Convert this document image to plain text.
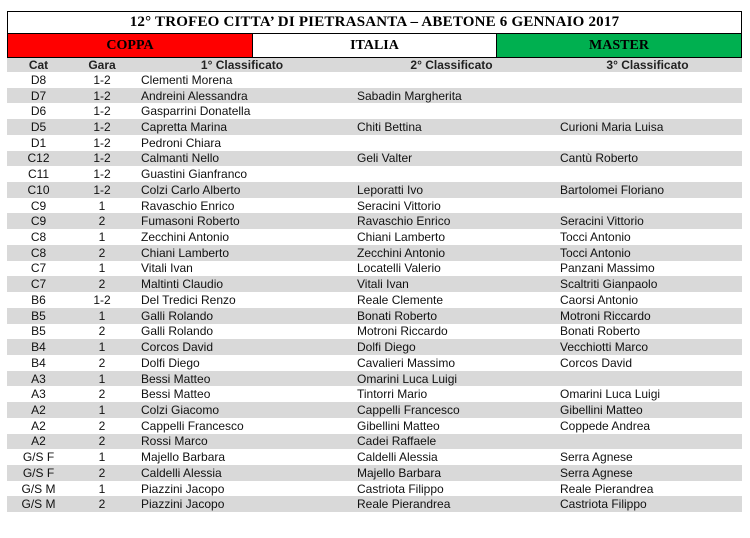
12° TROFEO CITTA’ DI PIETRASANTA – ABETONE 6 GENNAIO 2017
COPPA	ITALIA	MASTER
Cat	Gara	1° Classificato	2° Classificato	3° Classificato
D8	1-2	Clementi Morena		
D7	1-2	Andreini Alessandra	Sabadin Margherita	
D6	1-2	Gasparrini Donatella		
D5	1-2	Capretta Marina	Chiti Bettina	Curioni Maria Luisa
D1	1-2	Pedroni Chiara		
C12	1-2	Calmanti Nello	Geli Valter	Cantù Roberto
C11	1-2	Guastini Gianfranco		
C10	1-2	Colzi Carlo Alberto	Leporatti Ivo	Bartolomei Floriano
C9	1	Ravaschio Enrico	Seracini Vittorio	
C9	2	Fumasoni Roberto	Ravaschio Enrico	Seracini Vittorio
C8	1	Zecchini Antonio	Chiani Lamberto	Tocci Antonio
C8	2	Chiani Lamberto	Zecchini Antonio	Tocci Antonio
C7	1	Vitali Ivan	Locatelli Valerio	Panzani Massimo
C7	2	Maltinti Claudio	Vitali Ivan	Scaltriti Gianpaolo
B6	1-2	Del Tredici Renzo	Reale Clemente	Caorsi Antonio
B5	1	Galli Rolando	Bonati Roberto	Motroni Riccardo
B5	2	Galli Rolando	Motroni Riccardo	Bonati Roberto
B4	1	Corcos David	Dolfi Diego	Vecchiotti Marco
B4	2	Dolfi Diego	Cavalieri Massimo	Corcos David
A3	1	Bessi Matteo	Omarini Luca Luigi	
A3	2	Bessi Matteo	Tintorri Mario	Omarini Luca Luigi
A2	1	Colzi Giacomo	Cappelli Francesco	Gibellini Matteo
A2	2	Cappelli Francesco	Gibellini Matteo	Coppede Andrea
A2	2	Rossi Marco	Cadei Raffaele	
G/S F	1	Majello Barbara	Caldelli Alessia	Serra Agnese
G/S F	2	Caldelli Alessia	Majello Barbara	Serra Agnese
G/S M	1	Piazzini Jacopo	Castriota Filippo	Reale Pierandrea
G/S M	2	Piazzini Jacopo	Reale Pierandrea	Castriota Filippo
